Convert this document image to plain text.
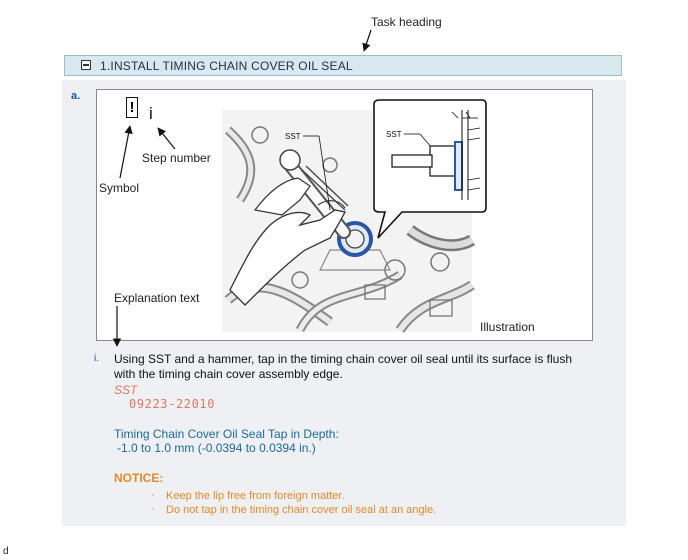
Task heading
1.INSTALL TIMING CHAIN COVER OIL SEAL
a.
! i
Step number
Symbol
Explanation text
Illustration
SST	SST
i. Using SST and a hammer, tap in the timing chain cover oil seal until its surface is flush with the timing chain cover assembly edge.
SST
09223-22010
Timing Chain Cover Oil Seal Tap in Depth:
-1.0 to 1.0 mm (-0.0394 to 0.0394 in.)
NOTICE:
· Keep the lip free from foreign matter.
· Do not tap in the timing chain cover oil seal at an angle.
d
